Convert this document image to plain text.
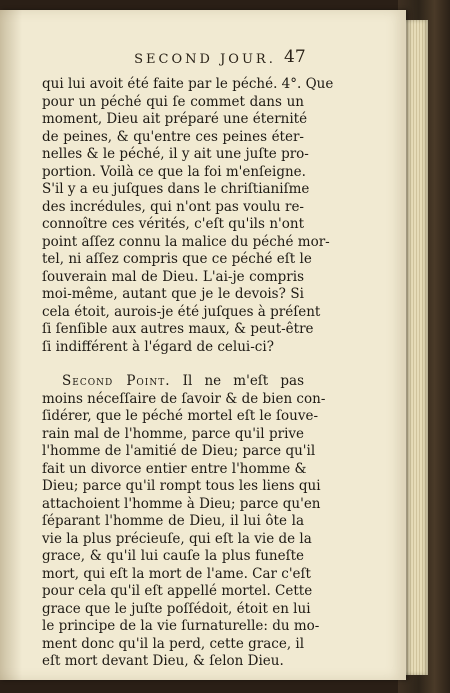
SECOND JOUR. 47
qui lui avoit été faite par le péché. 4°. Que
pour un péché qui ſe commet dans un
moment, Dieu ait préparé une éternité
de peines, & qu'entre ces peines éter-
nelles & le péché, il y ait une juſte pro-
portion. Voilà ce que la foi m'enſeigne.
S'il y a eu juſques dans le chriſtianiſme
des incrédules, qui n'ont pas voulu re-
connoître ces vérités, c'eſt qu'ils n'ont
point aſſez connu la malice du péché mor-
tel, ni aſſez compris que ce péché eſt le
ſouverain mal de Dieu. L'ai-je compris
moi-même, autant que je le devois? Si
cela étoit, aurois-je été juſques à préſent
ſi ſenſible aux autres maux, & peut-être
ſi indifférent à l'égard de celui-ci?
Second Point. Il ne m'eſt pas
moins néceſſaire de ſavoir & de bien con-
ſidérer, que le péché mortel eſt le ſouve-
rain mal de l'homme, parce qu'il prive
l'homme de l'amitié de Dieu; parce qu'il
fait un divorce entier entre l'homme &
Dieu; parce qu'il rompt tous les liens qui
attachoient l'homme à Dieu; parce qu'en
ſéparant l'homme de Dieu, il lui ôte la
vie la plus précieuſe, qui eſt la vie de la
grace, & qu'il lui cauſe la plus funeſte
mort, qui eſt la mort de l'ame. Car c'eſt
pour cela qu'il eſt appellé mortel. Cette
grace que le juſte poſſédoit, étoit en lui
le principe de la vie ſurnaturelle: du mo-
ment donc qu'il la perd, cette grace, il
eſt mort devant Dieu, & ſelon Dieu.
